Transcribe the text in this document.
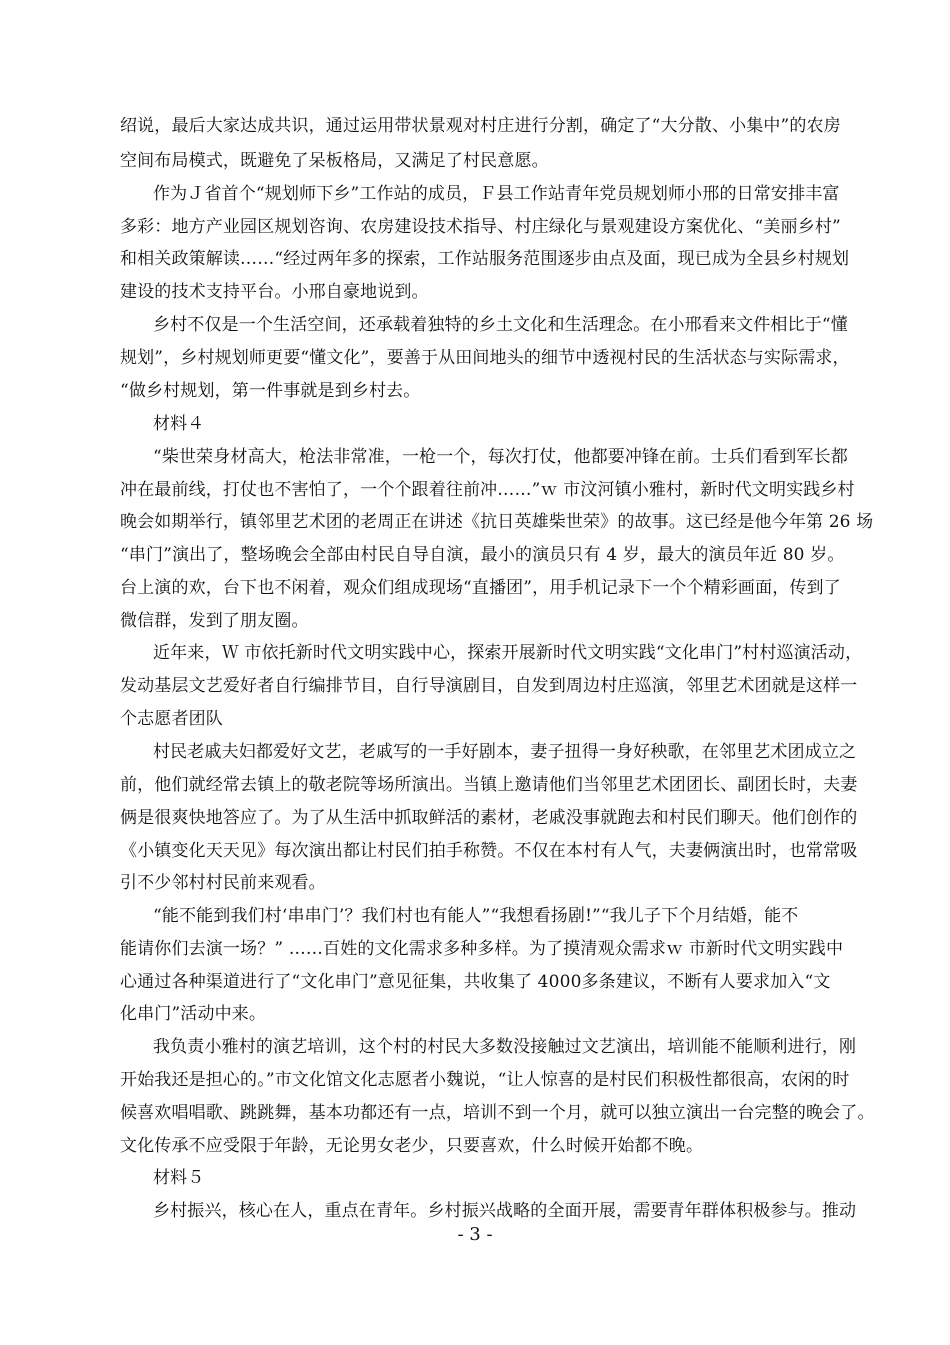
绍说，最后大家达成共识，通过运用带状景观对村庄进行分割，确定了“大分散、小集中”的农房
空间布局模式，既避免了呆板格局，又满足了村民意愿。
作为Ｊ省首个“规划师下乡”工作站的成员，Ｆ县工作站青年党员规划师小邢的日常安排丰富
多彩：地方产业园区规划咨询、农房建设技术指导、村庄绿化与景观建设方案优化、“美丽乡村”
和相关政策解读……“经过两年多的探索，工作站服务范围逐步由点及面，现已成为全县乡村规划
建设的技术支持平台。小邢自豪地说到。
乡村不仅是一个生活空间，还承载着独特的乡土文化和生活理念。在小邢看来文件相比于“懂
规划”，乡村规划师更要“懂文化”，要善于从田间地头的细节中透视村民的生活状态与实际需求，
“做乡村规划，第一件事就是到乡村去。
材料４
“柴世荣身材高大，枪法非常准，一枪一个，每次打仗，他都要冲锋在前。士兵们看到军长都
冲在最前线，打仗也不害怕了，一个个跟着往前冲……”ｗ 市汶河镇小雅村，新时代文明实践乡村
晚会如期举行，镇邻里艺术团的老周正在讲述《抗日英雄柴世荣》的故事。这已经是他今年第 26 场
“串门”演出了，整场晚会全部由村民自导自演，最小的演员只有 4 岁，最大的演员年近 80 岁。
台上演的欢，台下也不闲着，观众们组成现场“直播团”，用手机记录下一个个精彩画面，传到了
微信群，发到了朋友圈。
近年来，Ｗ 市依托新时代文明实践中心，探索开展新时代文明实践“文化串门”村村巡演活动，
发动基层文艺爱好者自行编排节目，自行导演剧目，自发到周边村庄巡演，邻里艺术团就是这样一
个志愿者团队
村民老戚夫妇都爱好文艺，老戚写的一手好剧本，妻子扭得一身好秧歌，在邻里艺术团成立之
前，他们就经常去镇上的敬老院等场所演出。当镇上邀请他们当邻里艺术团团长、副团长时，夫妻
俩是很爽快地答应了。为了从生活中抓取鲜活的素材，老戚没事就跑去和村民们聊天。他们创作的
《小镇变化天天见》每次演出都让村民们拍手称赞。不仅在本村有人气，夫妻俩演出时，也常常吸
引不少邻村村民前来观看。
“能不能到我们村‘串串门’？我们村也有能人”“我想看扬剧!”“我儿子下个月结婚，能不
能请你们去演一场？” ……百姓的文化需求多种多样。为了摸清观众需求ｗ 市新时代文明实践中
心通过各种渠道进行了“文化串门”意见征集，共收集了 4000多条建议，不断有人要求加入“文
化串门”活动中来。
我负责小雅村的演艺培训，这个村的村民大多数没接触过文艺演出，培训能不能顺利进行，刚
开始我还是担心的。”市文化馆文化志愿者小魏说，“让人惊喜的是村民们积极性都很高，农闲的时
候喜欢唱唱歌、跳跳舞，基本功都还有一点，培训不到一个月，就可以独立演出一台完整的晚会了。
文化传承不应受限于年龄，无论男女老少，只要喜欢，什么时候开始都不晚。
材料５
乡村振兴，核心在人，重点在青年。乡村振兴战略的全面开展，需要青年群体积极参与。推动
- 3 -
